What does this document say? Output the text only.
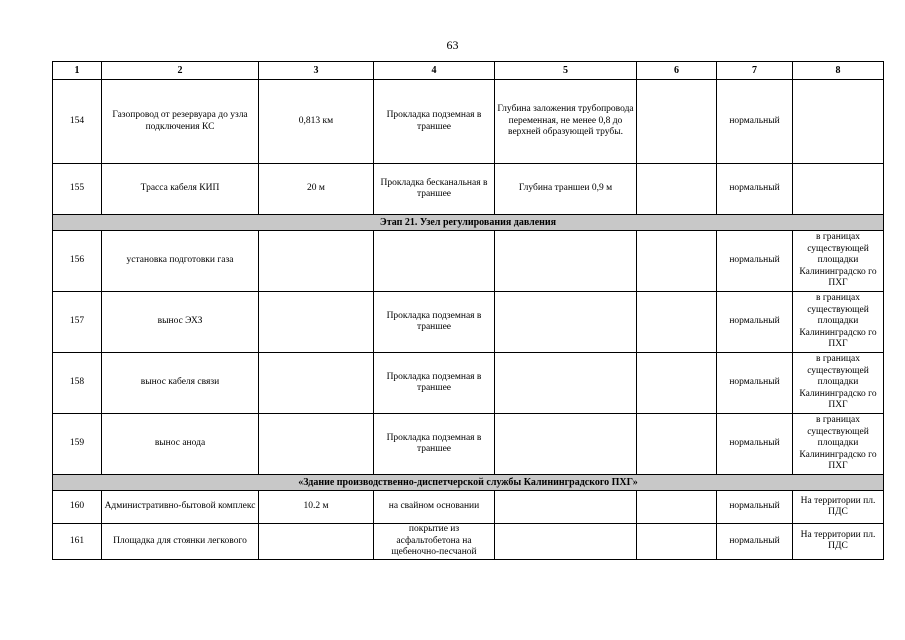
63
1	2	3	4	5	6	7	8
154	Газопровод от резервуара до узла подключения КС	0,813 км	Прокладка подземная в траншее	Глубина заложения трубопровода переменная, не менее 0,8 до верхней образующей трубы.		нормальный	
155	Трасса кабеля КИП	20 м	Прокладка бесканальная в траншее	Глубина траншеи 0,9 м		нормальный	
Этап 21. Узел регулирования давления							
156	установка подготовки газа					нормальный	в границах существующей площадки Калининградско го ПХГ
157	вынос ЭХЗ		Прокладка подземная в траншее			нормальный	в границах существующей площадки Калининградско го ПХГ
158	вынос кабеля связи		Прокладка подземная в траншее			нормальный	в границах существующей площадки Калининградско го ПХГ
159	вынос анода		Прокладка подземная в траншее			нормальный	в границах существующей площадки Калининградско го ПХГ
«Здание производственно-диспетчерской службы Калининградского ПХГ»							
160	Административно-бытовой комплекс	10.2 м	на свайном основании			нормальный	На территории пл. ПДС
161	Площадка для стоянки легкового		покрытие из асфальтобетона на щебеночно-песчаной			нормальный	На территории пл. ПДС
